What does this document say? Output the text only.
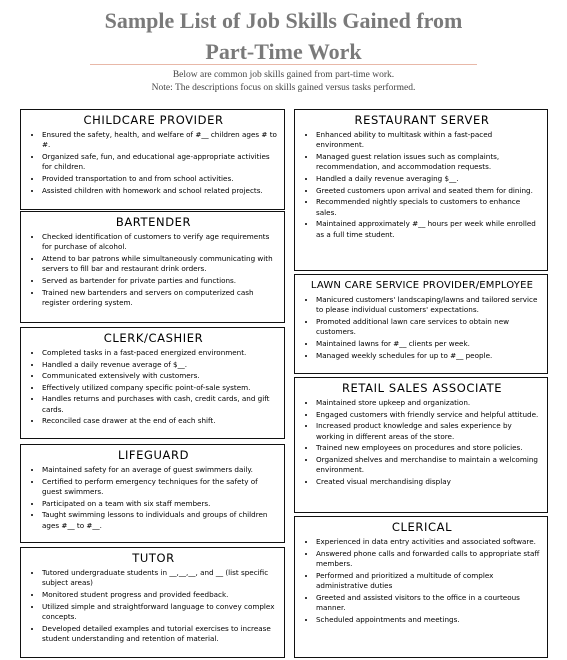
Sample List of Job Skills Gained from
Part-Time Work
Below are common job skills gained from part-time work.
Note: The descriptions focus on skills gained versus tasks performed.
CHILDCARE PROVIDER
• Ensured the safety, health, and welfare of #__ children ages # to #.
• Organized safe, fun, and educational age-appropriate activities for children.
• Provided transportation to and from school activities.
• Assisted children with homework and school related projects.
BARTENDER
• Checked identification of customers to verify age requirements for purchase of alcohol.
• Attend to bar patrons while simultaneously communicating with servers to fill bar and restaurant drink orders.
• Served as bartender for private parties and functions.
• Trained new bartenders and servers on computerized cash register ordering system.
CLERK/CASHIER
• Completed tasks in a fast-paced energized environment.
• Handled a daily revenue average of $__.
• Communicated extensively with customers.
• Effectively utilized company specific point-of-sale system.
• Handles returns and purchases with cash, credit cards, and gift cards.
• Reconciled case drawer at the end of each shift.
LIFEGUARD
• Maintained safety for an average of guest swimmers daily.
• Certified to perform emergency techniques for the safety of guest swimmers.
• Participated on a team with six staff members.
• Taught swimming lessons to individuals and groups of children ages #__ to #__.
TUTOR
• Tutored undergraduate students in __,__,__, and __ (list specific subject areas)
• Monitored student progress and provided feedback.
• Utilized simple and straightforward language to convey complex concepts.
• Developed detailed examples and tutorial exercises to increase student understanding and retention of material.
RESTAURANT SERVER
• Enhanced ability to multitask within a fast-paced environment.
• Managed guest relation issues such as complaints, recommendation, and accommodation requests.
• Handled a daily revenue averaging $__.
• Greeted customers upon arrival and seated them for dining.
• Recommended nightly specials to customers to enhance sales.
• Maintained approximately #__ hours per week while enrolled as a full time student.
LAWN CARE SERVICE PROVIDER/EMPLOYEE
• Manicured customers' landscaping/lawns and tailored service to please individual customers' expectations.
• Promoted additional lawn care services to obtain new customers.
• Maintained lawns for #__ clients per week.
• Managed weekly schedules for up to #__ people.
RETAIL SALES ASSOCIATE
• Maintained store upkeep and organization.
• Engaged customers with friendly service and helpful attitude.
• Increased product knowledge and sales experience by working in different areas of the store.
• Trained new employees on procedures and store policies.
• Organized shelves and merchandise to maintain a welcoming environment.
• Created visual merchandising display
CLERICAL
• Experienced in data entry activities and associated software.
• Answered phone calls and forwarded calls to appropriate staff members.
• Performed and prioritized a multitude of complex administrative duties
• Greeted and assisted visitors to the office in a courteous manner.
• Scheduled appointments and meetings.
